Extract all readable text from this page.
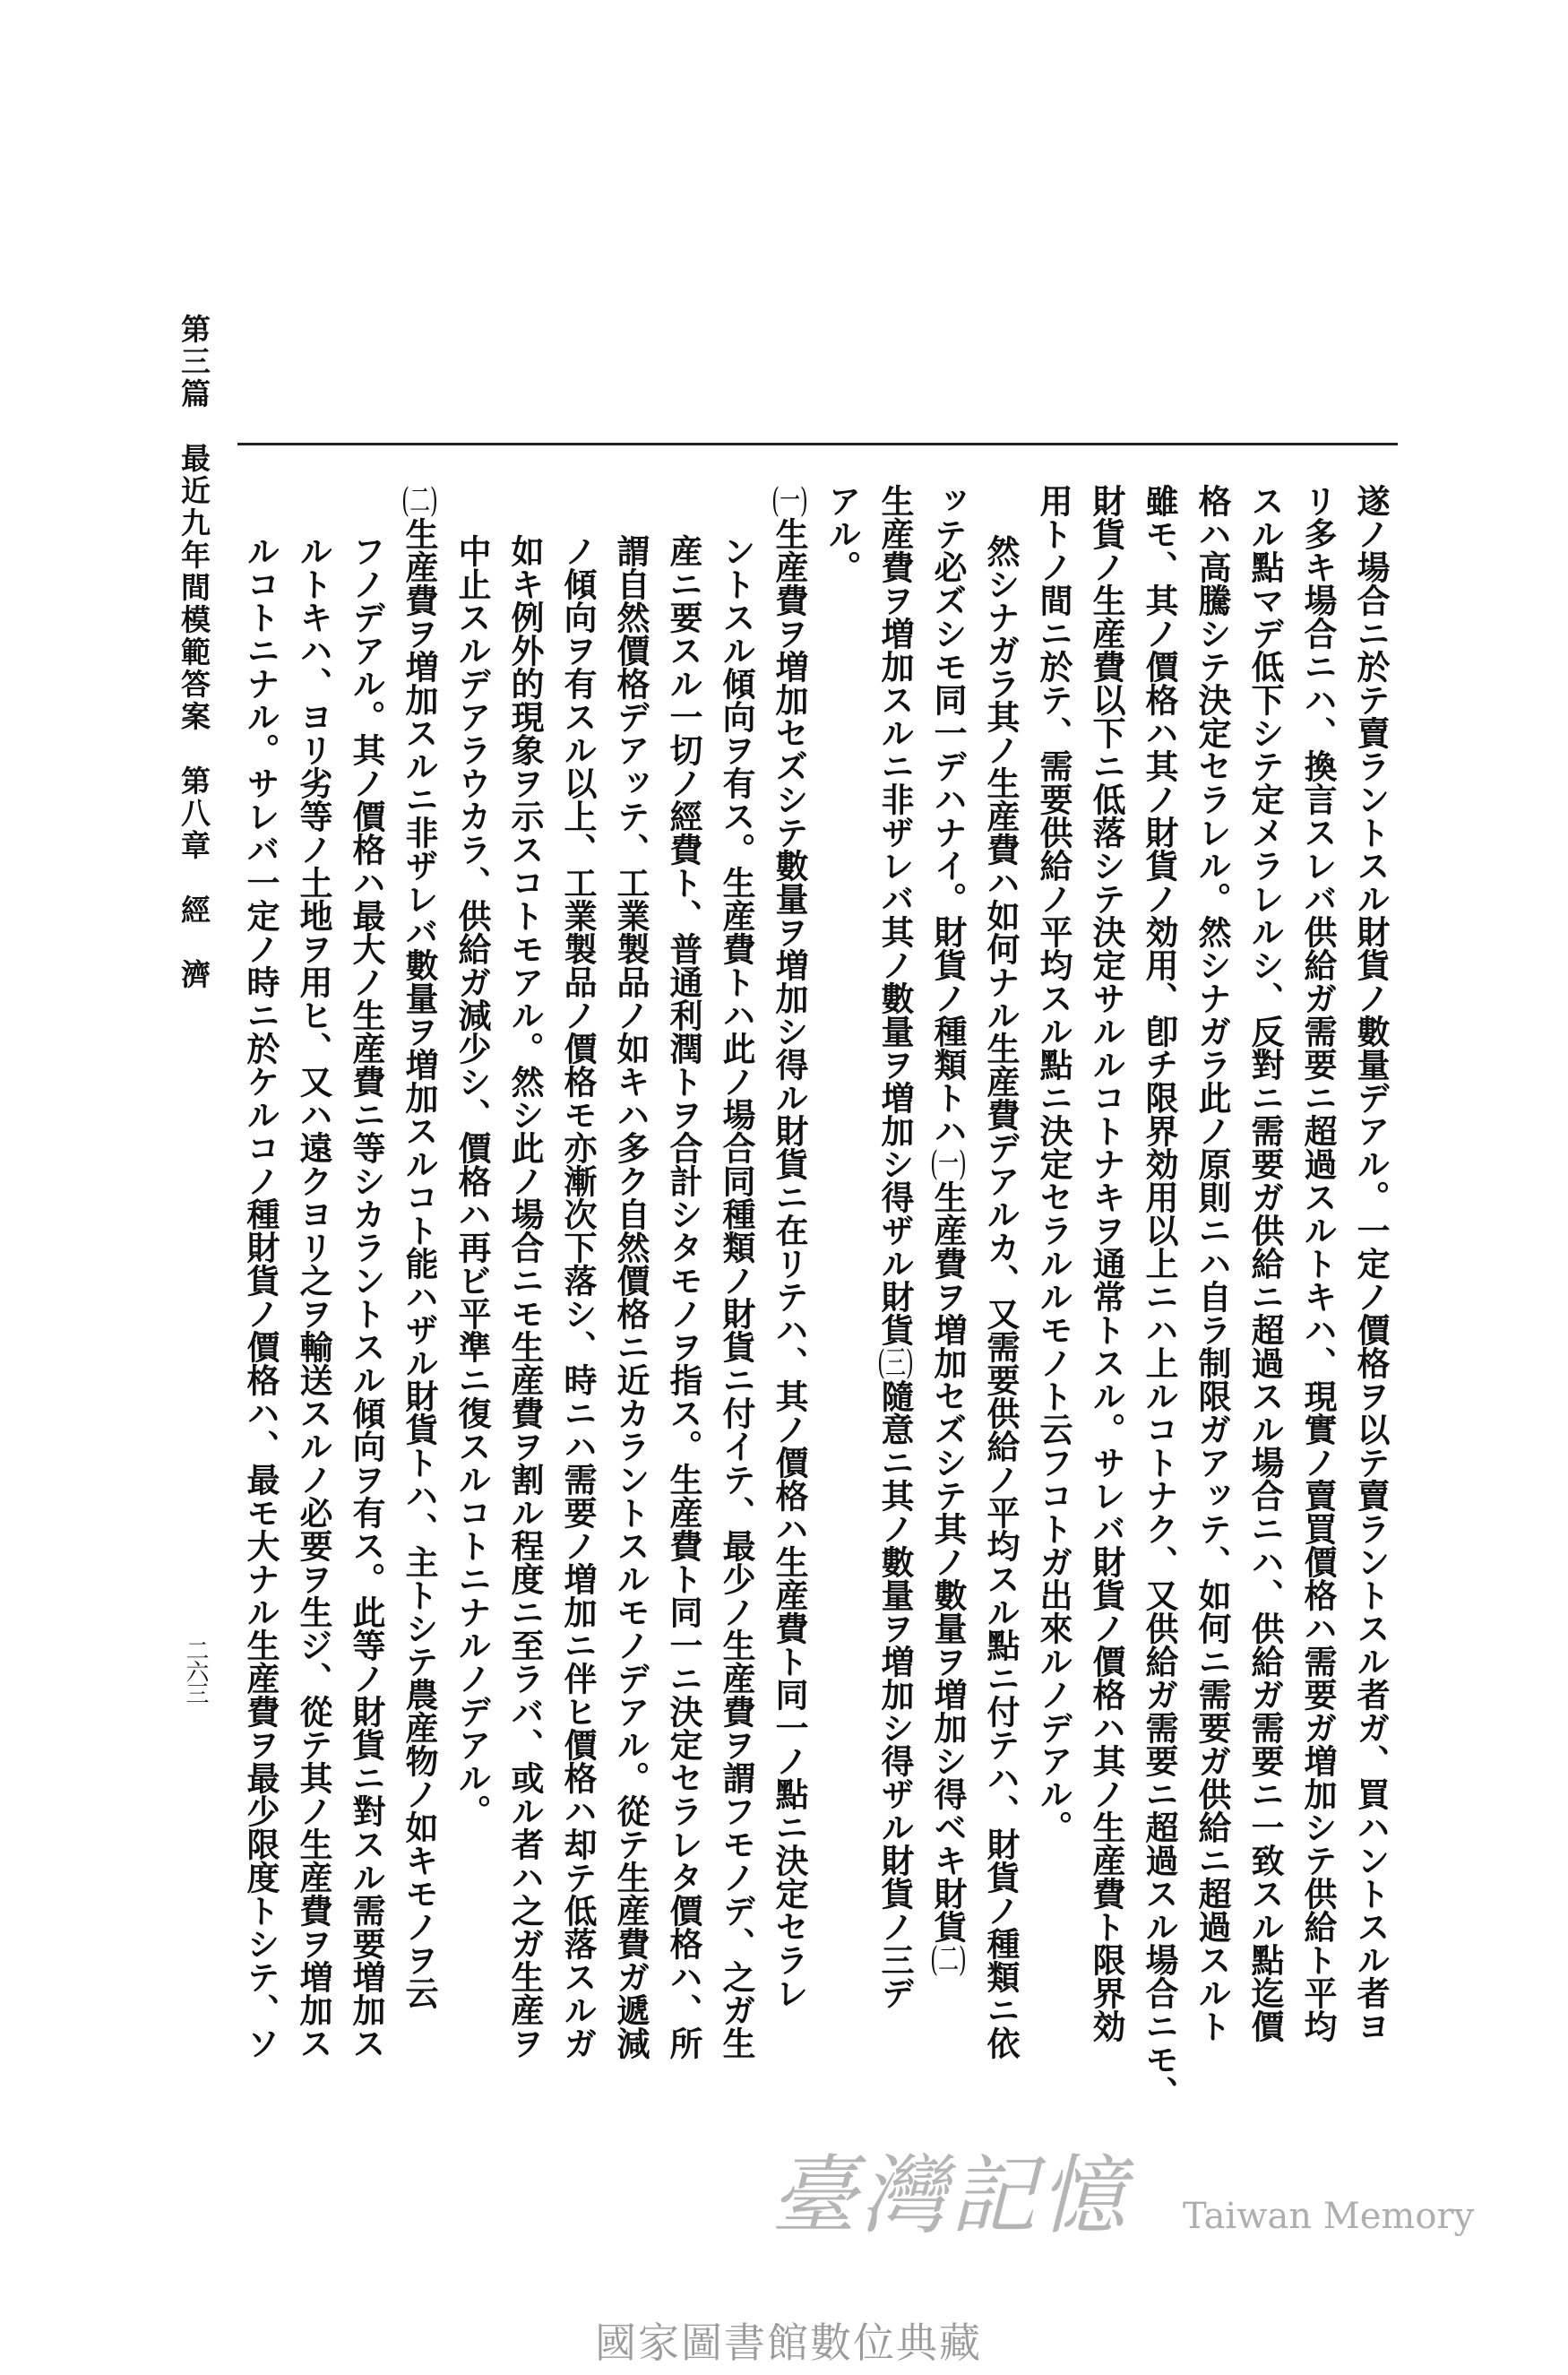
第三篇　最近九年間模範答案　第八章　經　濟
二六三	遂ノ場合ニ於テ賣ラントスル財貨ノ數量デアル。一定ノ價格ヲ以テ賣ラントスル者ガ、買ハントスル者ヨ
リ多キ場合ニハ、換言スレバ供給ガ需要ニ超過スルトキハ、現實ノ賣買價格ハ需要ガ増加シテ供給ト平均
スル點マデ低下シテ定メラレルシ、反對ニ需要ガ供給ニ超過スル場合ニハ、供給ガ需要ニ一致スル點迄價
格ハ高騰シテ決定セラレル。然シナガラ此ノ原則ニハ自ラ制限ガアッテ、如何ニ需要ガ供給ニ超過スルト
雖モ、其ノ價格ハ其ノ財貨ノ効用、卽チ限界効用以上ニハ上ルコトナク、又供給ガ需要ニ超過スル場合ニモ、
財貨ノ生産費以下ニ低落シテ決定サルルコトナキヲ通常トスル。サレバ財貨ノ價格ハ其ノ生産費ト限界効
用トノ間ニ於テ、需要供給ノ平均スル點ニ決定セラルルモノト云フコトガ出來ルノデアル。
然シナガラ其ノ生産費ハ如何ナル生産費デアルカ、又需要供給ノ平均スル點ニ付テハ、財貨ノ種類ニ依
ッテ必ズシモ同一デハナイ。財貨ノ種類トハ(一)生産費ヲ増加セズシテ其ノ數量ヲ増加シ得ベキ財貨(二)
生産費ヲ増加スルニ非ザレバ其ノ數量ヲ増加シ得ザル財貨(三)隨意ニ其ノ數量ヲ増加シ得ザル財貨ノ三デ
アル。
(一)生産費ヲ増加セズシテ數量ヲ増加シ得ル財貨ニ在リテハ、其ノ價格ハ生産費ト同一ノ點ニ決定セラレ
ントスル傾向ヲ有ス。生産費トハ此ノ場合同種類ノ財貨ニ付イテ、最少ノ生産費ヲ謂フモノデ、之ガ生
産ニ要スル一切ノ經費ト、普通利潤トヲ合計シタモノヲ指ス。生産費ト同一ニ決定セラレタ價格ハ、所
謂自然價格デアッテ、工業製品ノ如キハ多ク自然價格ニ近カラントスルモノデアル。從テ生産費ガ遞減
ノ傾向ヲ有スル以上、工業製品ノ價格モ亦漸次下落シ、時ニハ需要ノ増加ニ伴ヒ價格ハ却テ低落スルガ
如キ例外的現象ヲ示スコトモアル。然シ此ノ場合ニモ生産費ヲ割ル程度ニ至ラバ、或ル者ハ之ガ生産ヲ
中止スルデアラウカラ、供給ガ減少シ、價格ハ再ビ平準ニ復スルコトニナルノデアル。
(二)生産費ヲ増加スルニ非ザレバ數量ヲ増加スルコト能ハザル財貨トハ、主トシテ農産物ノ如キモノヲ云
フノデアル。其ノ價格ハ最大ノ生産費ニ等シカラントスル傾向ヲ有ス。此等ノ財貨ニ對スル需要増加ス
ルトキハ、ヨリ劣等ノ土地ヲ用ヒ、又ハ遠クヨリ之ヲ輸送スルノ必要ヲ生ジ、從テ其ノ生産費ヲ増加ス
ルコトニナル。サレバ一定ノ時ニ於ケルコノ種財貨ノ價格ハ、最モ大ナル生産費ヲ最少限度トシテ、ソ
臺灣記憶 Taiwan Memory
國家圖書館數位典藏
